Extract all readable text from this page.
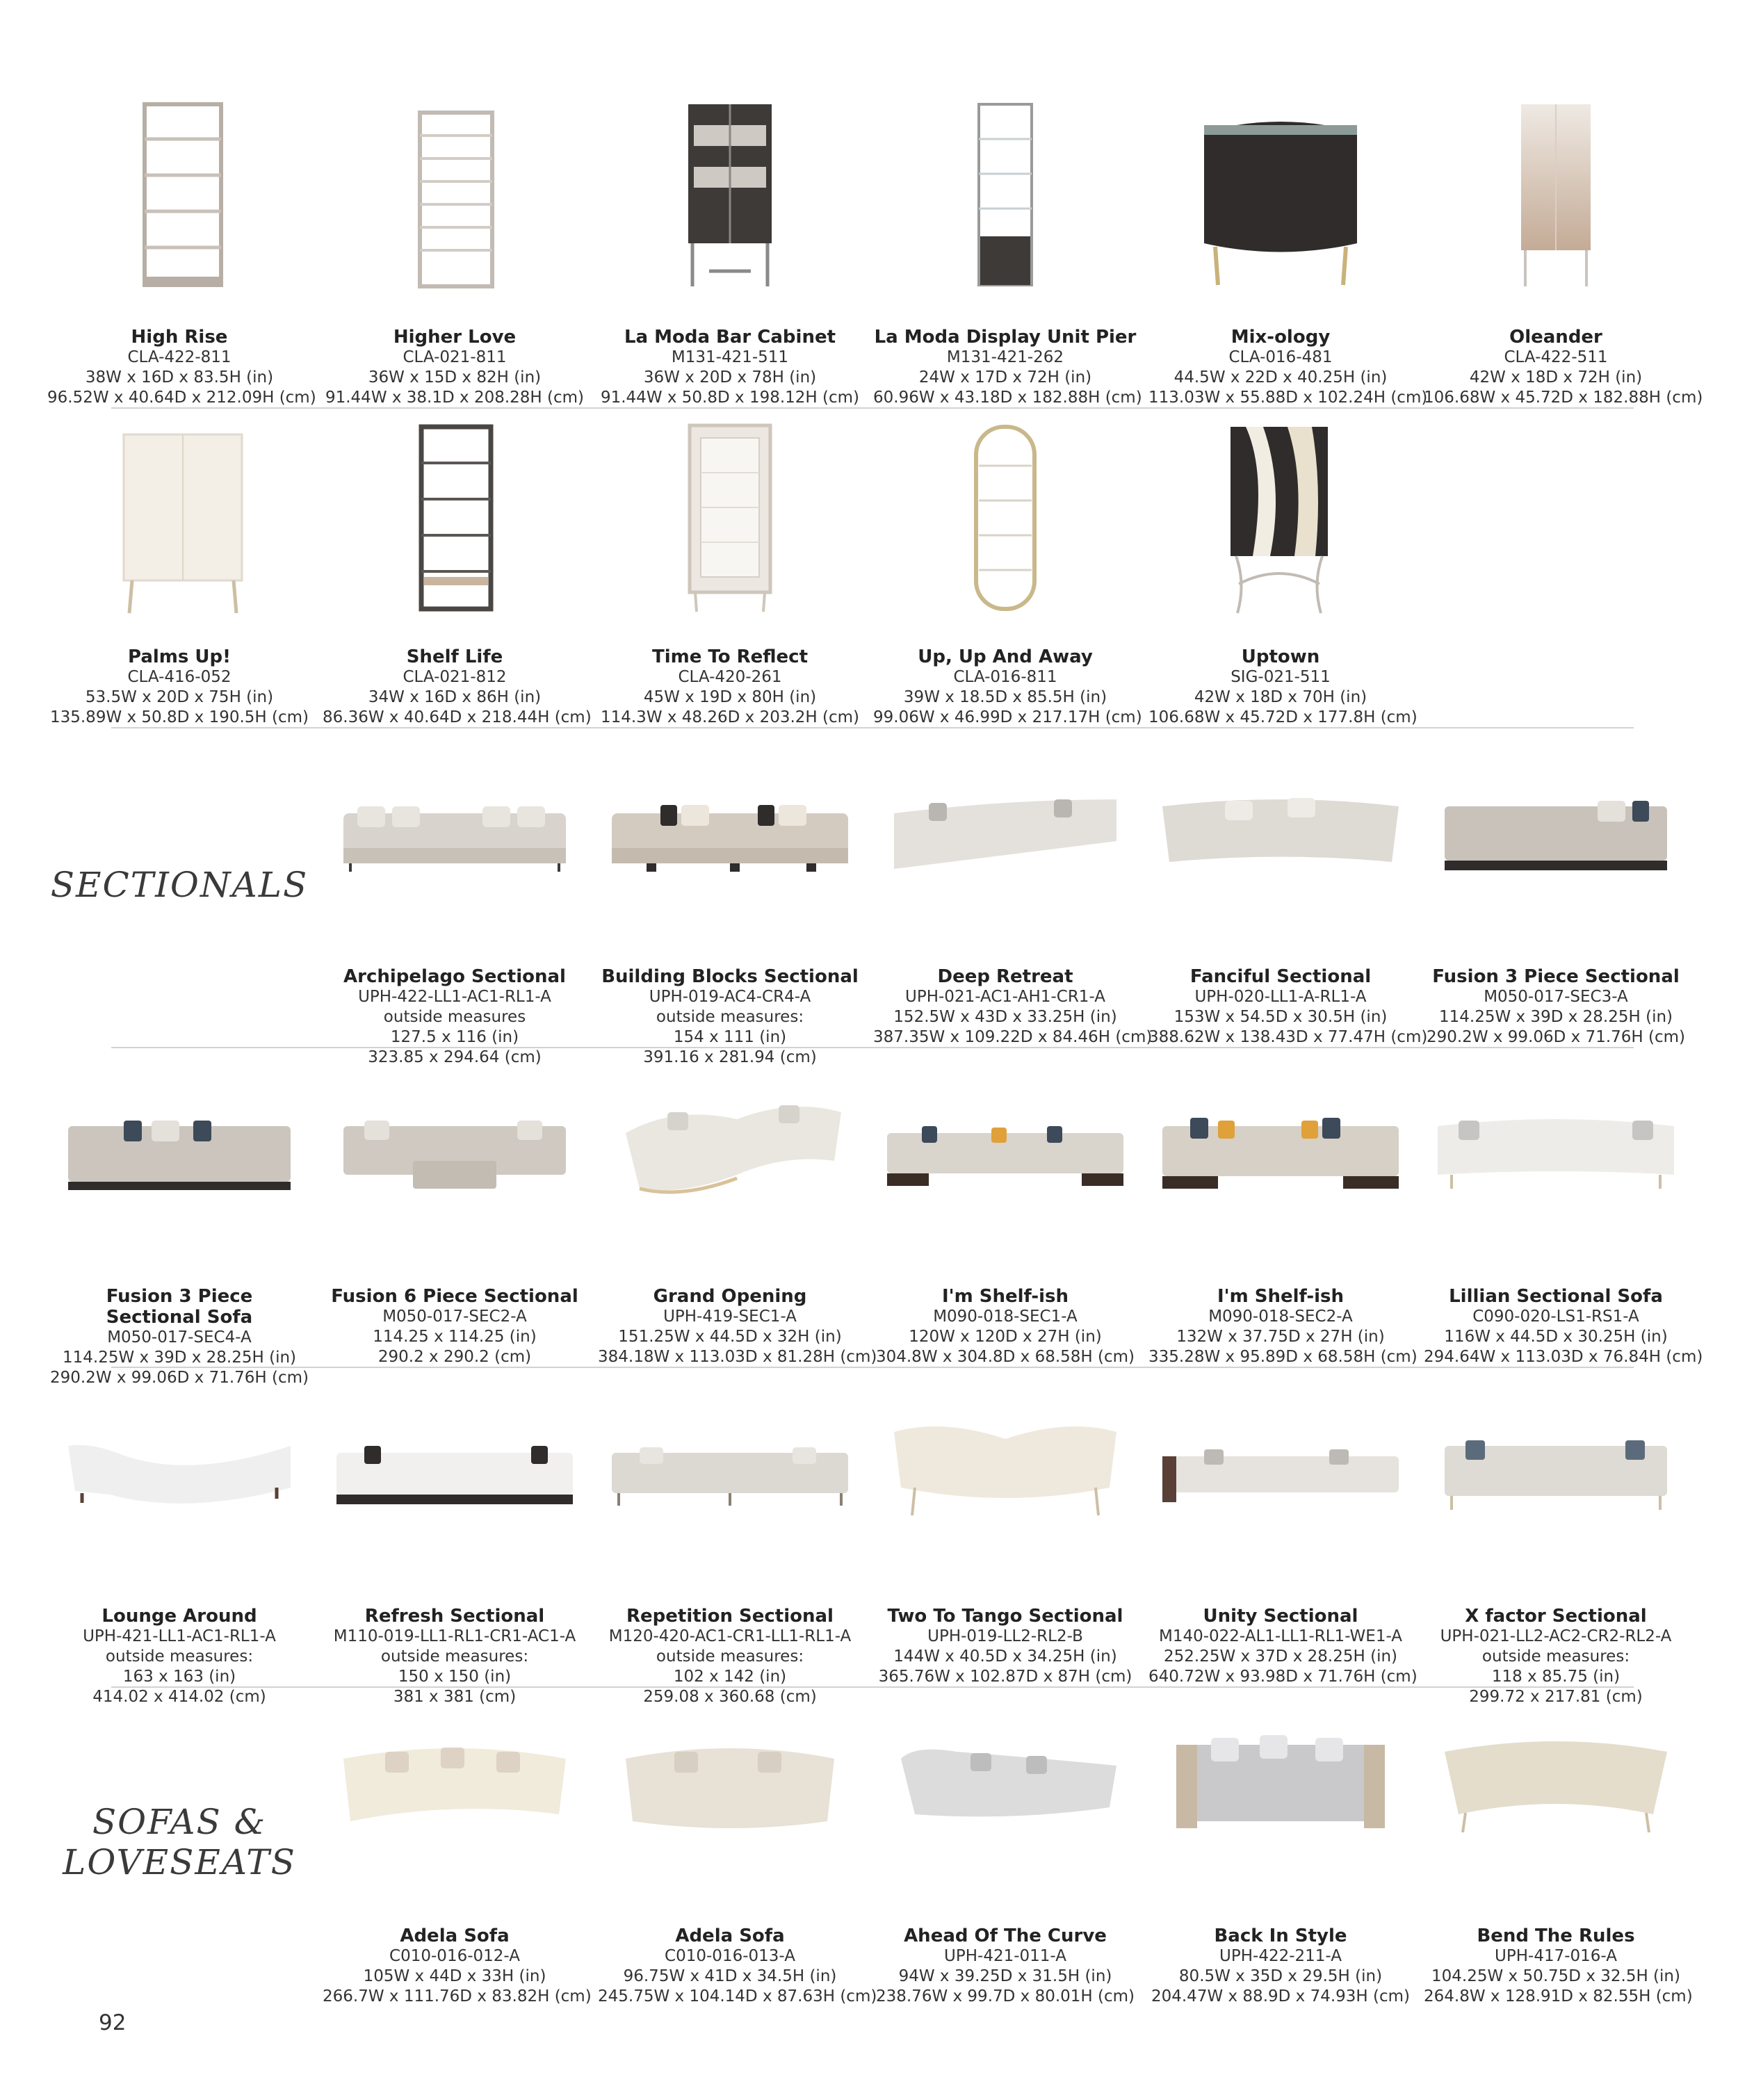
High Rise
CLA-422-811
38W x 16D x 83.5H (in)
96.52W x 40.64D x 212.09H (cm)
Higher Love
CLA-021-811
36W x 15D x 82H (in)
91.44W x 38.1D x 208.28H (cm)
La Moda Bar Cabinet
M131-421-511
36W x 20D x 78H (in)
91.44W x 50.8D x 198.12H (cm)
La Moda Display Unit Pier
M131-421-262
24W x 17D x 72H (in)
60.96W x 43.18D x 182.88H (cm)
Mix-ology
CLA-016-481
44.5W x 22D x 40.25H (in)
113.03W x 55.88D x 102.24H (cm)
Oleander
CLA-422-511
42W x 18D x 72H (in)
106.68W x 45.72D x 182.88H (cm)
Palms Up!
CLA-416-052
53.5W x 20D x 75H (in)
135.89W x 50.8D x 190.5H (cm)
Shelf Life
CLA-021-812
34W x 16D x 86H (in)
86.36W x 40.64D x 218.44H (cm)
Time To Reflect
CLA-420-261
45W x 19D x 80H (in)
114.3W x 48.26D x 203.2H (cm)
Up, Up And Away
CLA-016-811
39W x 18.5D x 85.5H (in)
99.06W x 46.99D x 217.17H (cm)
Uptown
SIG-021-511
42W x 18D x 70H (in)
106.68W x 45.72D x 177.8H (cm)
SECTIONALS
Archipelago Sectional
UPH-422-LL1-AC1-RL1-A
outside measures
127.5 x 116 (in)
323.85 x 294.64 (cm)
Building Blocks Sectional
UPH-019-AC4-CR4-A
outside measures:
154 x 111 (in)
391.16 x 281.94 (cm)
Deep Retreat
UPH-021-AC1-AH1-CR1-A
152.5W x 43D x 33.25H (in)
387.35W x 109.22D x 84.46H (cm)
Fanciful Sectional
UPH-020-LL1-A-RL1-A
153W x 54.5D x 30.5H (in)
388.62W x 138.43D x 77.47H (cm)
Fusion 3 Piece Sectional
M050-017-SEC3-A
114.25W x 39D x 28.25H (in)
290.2W x 99.06D x 71.76H (cm)
Fusion 3 Piece
Sectional Sofa
M050-017-SEC4-A
114.25W x 39D x 28.25H (in)
290.2W x 99.06D x 71.76H (cm)
Fusion 6 Piece Sectional
M050-017-SEC2-A
114.25 x 114.25 (in)
290.2 x 290.2 (cm)
Grand Opening
UPH-419-SEC1-A
151.25W x 44.5D x 32H (in)
384.18W x 113.03D x 81.28H (cm)
I'm Shelf-ish
M090-018-SEC1-A
120W x 120D x 27H (in)
304.8W x 304.8D x 68.58H (cm)
I'm Shelf-ish
M090-018-SEC2-A
132W x 37.75D x 27H (in)
335.28W x 95.89D x 68.58H (cm)
Lillian Sectional Sofa
C090-020-LS1-RS1-A
116W x 44.5D x 30.25H (in)
294.64W x 113.03D x 76.84H (cm)
Lounge Around
UPH-421-LL1-AC1-RL1-A
outside measures:
163 x 163 (in)
414.02 x 414.02 (cm)
Refresh Sectional
M110-019-LL1-RL1-CR1-AC1-A
outside measures:
150 x 150 (in)
381 x 381 (cm)
Repetition Sectional
M120-420-AC1-CR1-LL1-RL1-A
outside measures:
102 x 142 (in)
259.08 x 360.68 (cm)
Two To Tango Sectional
UPH-019-LL2-RL2-B
144W x 40.5D x 34.25H (in)
365.76W x 102.87D x 87H (cm)
Unity Sectional
M140-022-AL1-LL1-RL1-WE1-A
252.25W x 37D x 28.25H (in)
640.72W x 93.98D x 71.76H (cm)
X factor Sectional
UPH-021-LL2-AC2-CR2-RL2-A
outside measures:
118 x 85.75 (in)
299.72 x 217.81 (cm)
SOFAS &
LOVESEATS
Adela Sofa
C010-016-012-A
105W x 44D x 33H (in)
266.7W x 111.76D x 83.82H (cm)
Adela Sofa
C010-016-013-A
96.75W x 41D x 34.5H (in)
245.75W x 104.14D x 87.63H (cm)
Ahead Of The Curve
UPH-421-011-A
94W x 39.25D x 31.5H (in)
238.76W x 99.7D x 80.01H (cm)
Back In Style
UPH-422-211-A
80.5W x 35D x 29.5H (in)
204.47W x 88.9D x 74.93H (cm)
Bend The Rules
UPH-417-016-A
104.25W x 50.75D x 32.5H (in)
264.8W x 128.91D x 82.55H (cm)
92
